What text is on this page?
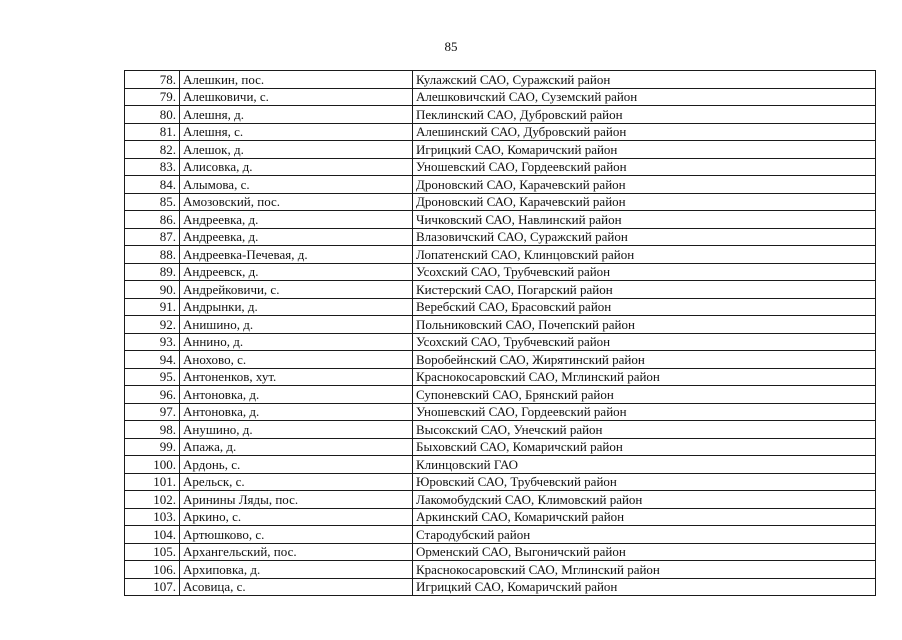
85
78.	Алешкин, пос.	Кулажский САО, Суражский район
79.	Алешковичи, с.	Алешковичский САО, Суземский район
80.	Алешня, д.	Пеклинский САО, Дубровский район
81.	Алешня, с.	Алешинский САО, Дубровский район
82.	Алешок, д.	Игрицкий САО, Комаричский район
83.	Алисовка, д.	Уношевский САО, Гордеевский район
84.	Алымова, с.	Дроновский САО, Карачевский район
85.	Амозовский, пос.	Дроновский САО, Карачевский район
86.	Андреевка, д.	Чичковский САО, Навлинский район
87.	Андреевка, д.	Влазовичский САО, Суражский район
88.	Андреевка-Печевая, д.	Лопатенский САО, Клинцовский район
89.	Андреевск, д.	Усохский САО, Трубчевский район
90.	Андрейковичи, с.	Кистерский САО, Погарский район
91.	Андрынки, д.	Веребский САО, Брасовский район
92.	Анишино, д.	Польниковский САО, Почепский район
93.	Аннино, д.	Усохский САО, Трубчевский район
94.	Анохово, с.	Воробейнский САО, Жирятинский район
95.	Антоненков, хут.	Краснокосаровский САО, Мглинский район
96.	Антоновка, д.	Супоневский САО, Брянский район
97.	Антоновка, д.	Уношевский САО, Гордеевский район
98.	Анушино, д.	Высокский САО, Унечский район
99.	Апажа, д.	Быховский САО, Комаричский район
100.	Ардонь, с.	Клинцовский ГАО
101.	Арельск, с.	Юровский САО, Трубчевский район
102.	Аринины Ляды, пос.	Лакомобудский САО, Климовский район
103.	Аркино, с.	Аркинский САО, Комаричский район
104.	Артюшково, с.	Стародубский район
105.	Архангельский, пос.	Орменский САО, Выгоничский район
106.	Архиповка, д.	Краснокосаровский САО, Мглинский район
107.	Асовица, с.	Игрицкий САО, Комаричский район
